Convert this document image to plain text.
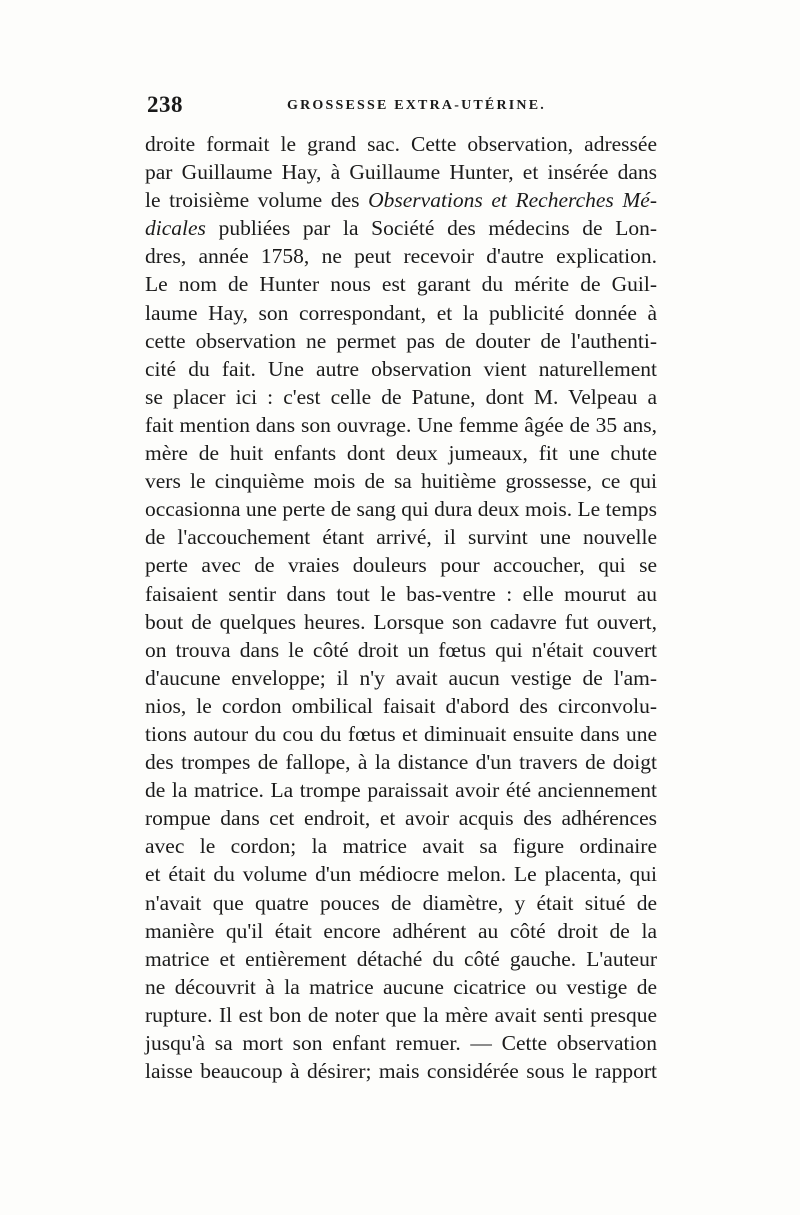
238	GROSSESSE EXTRA-UTÉRINE.
droite formait le grand sac. Cette observation, adressée
par Guillaume Hay, à Guillaume Hunter, et insérée dans
le troisième volume des Observations et Recherches Mé-
dicales publiées par la Société des médecins de Lon-
dres, année 1758, ne peut recevoir d'autre explication.
Le nom de Hunter nous est garant du mérite de Guil-
laume Hay, son correspondant, et la publicité donnée à
cette observation ne permet pas de douter de l'authenti-
cité du fait. Une autre observation vient naturellement
se placer ici : c'est celle de Patune, dont M. Velpeau a
fait mention dans son ouvrage. Une femme âgée de 35 ans,
mère de huit enfants dont deux jumeaux, fit une chute
vers le cinquième mois de sa huitième grossesse, ce qui
occasionna une perte de sang qui dura deux mois. Le temps
de l'accouchement étant arrivé, il survint une nouvelle
perte avec de vraies douleurs pour accoucher, qui se
faisaient sentir dans tout le bas-ventre : elle mourut au
bout de quelques heures. Lorsque son cadavre fut ouvert,
on trouva dans le côté droit un fœtus qui n'était couvert
d'aucune enveloppe; il n'y avait aucun vestige de l'am-
nios, le cordon ombilical faisait d'abord des circonvolu-
tions autour du cou du fœtus et diminuait ensuite dans une
des trompes de fallope, à la distance d'un travers de doigt
de la matrice. La trompe paraissait avoir été anciennement
rompue dans cet endroit, et avoir acquis des adhérences
avec le cordon; la matrice avait sa figure ordinaire
et était du volume d'un médiocre melon. Le placenta, qui
n'avait que quatre pouces de diamètre, y était situé de
manière qu'il était encore adhérent au côté droit de la
matrice et entièrement détaché du côté gauche. L'auteur
ne découvrit à la matrice aucune cicatrice ou vestige de
rupture. Il est bon de noter que la mère avait senti presque
jusqu'à sa mort son enfant remuer. — Cette observation
laisse beaucoup à désirer; mais considérée sous le rapport
